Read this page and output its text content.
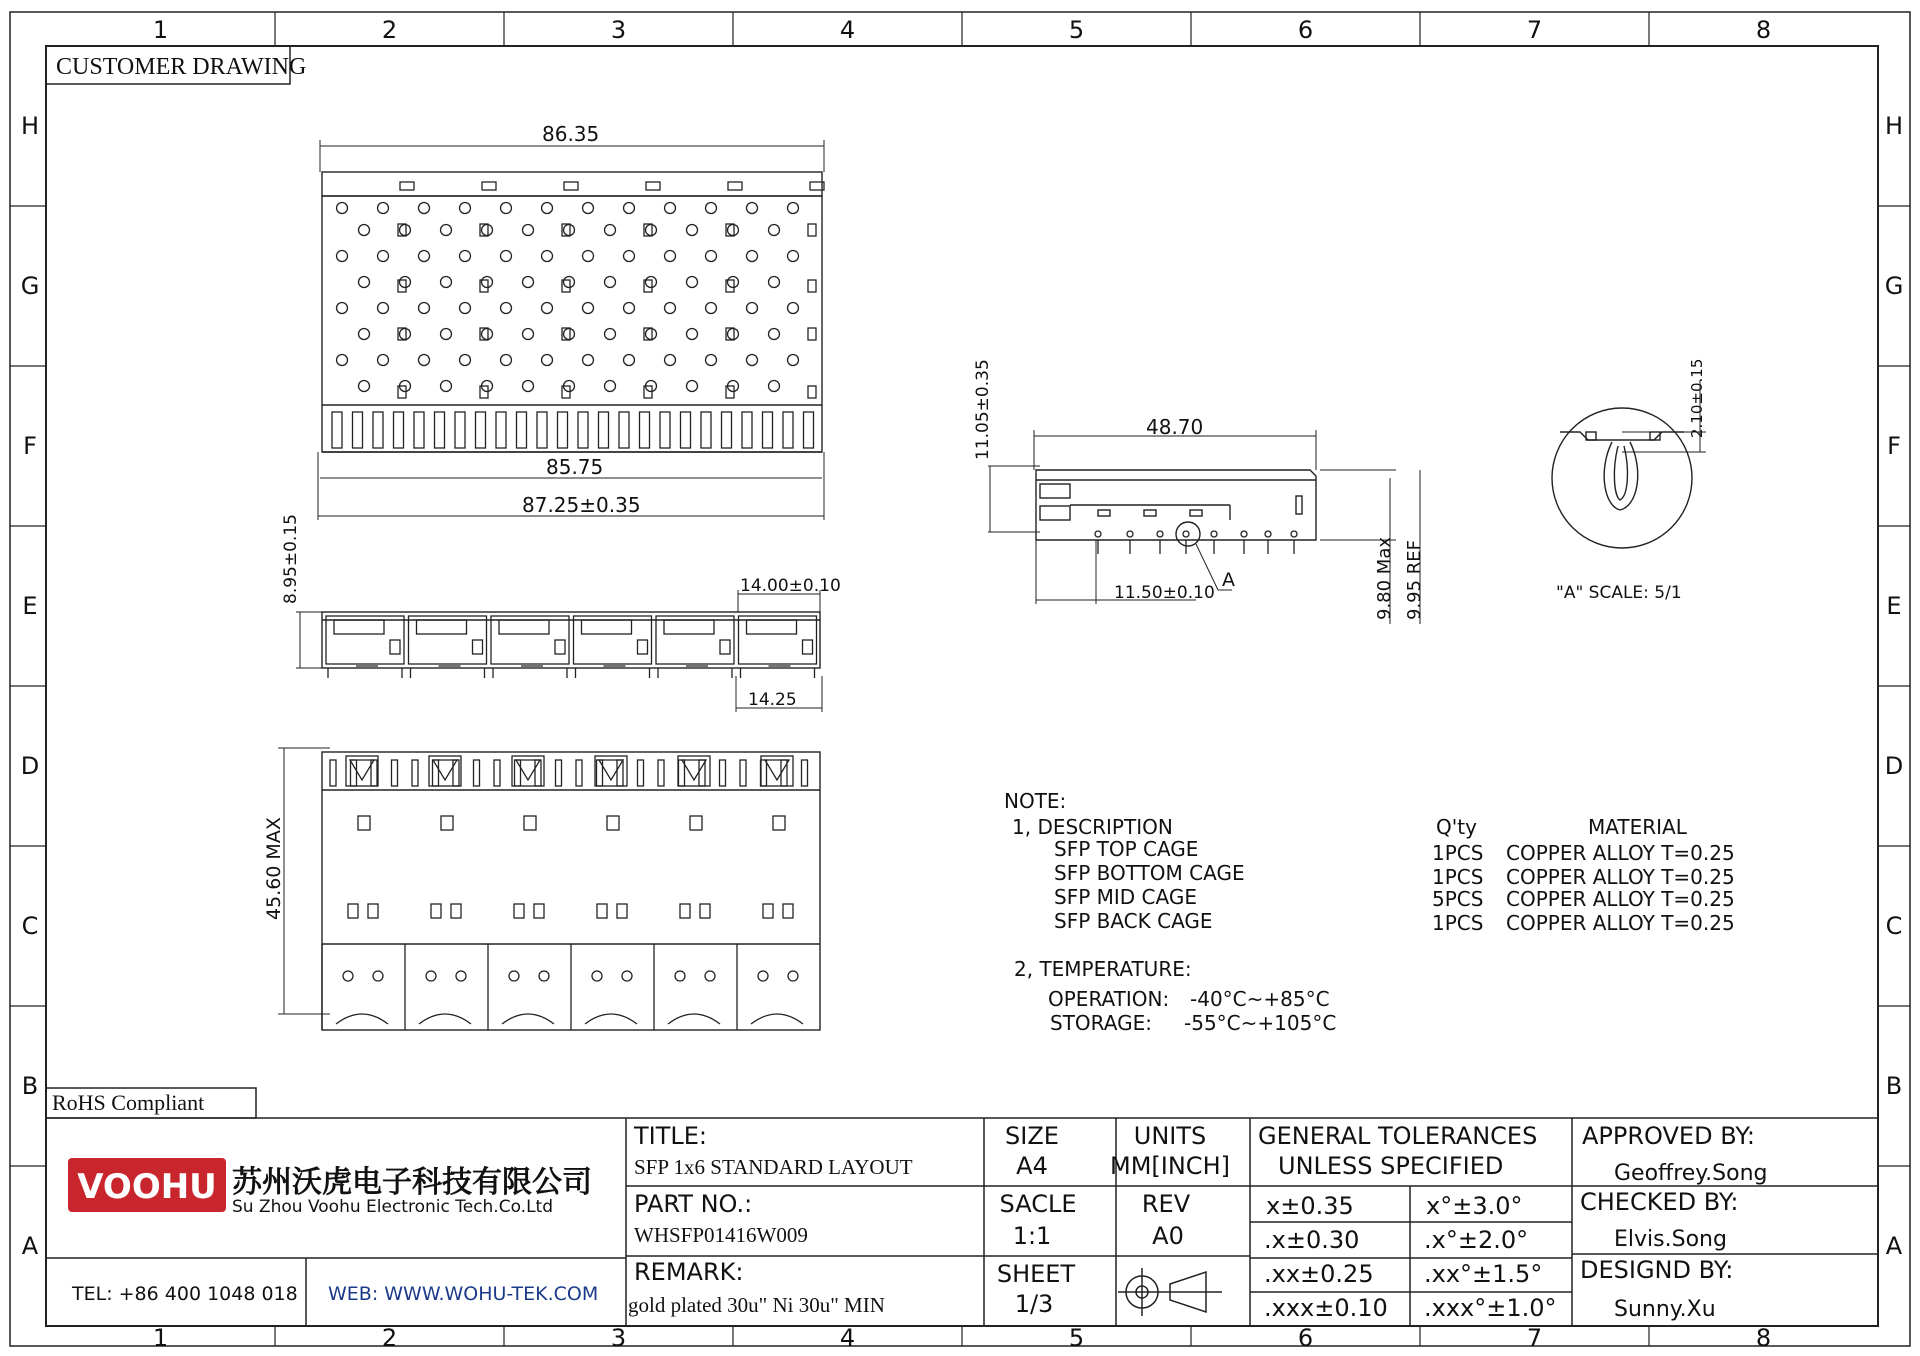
1	2	3	4	5	6	7	8
1	2	3	4	5	6	7	8
H
G
F
E
D
C
B
A
H
G
F
E
D
C
B
A
CUSTOMER DRAWING
86.35
85.75
87.25±0.35
8.95±0.15	14.00±0.10
14.25
45.60 MAX
11.05±0.35	48.70
11.50±0.10
A	9.80 Max 9.95 REF
2.10±0.15
"A" SCALE: 5/1
NOTE:
1, DESCRIPTION	Q'ty	MATERIAL
SFP TOP CAGE	1PCS COPPER ALLOY T=0.25
SFP BOTTOM CAGE	1PCS COPPER ALLOY T=0.25
SFP MID CAGE	5PCS COPPER ALLOY T=0.25
SFP BACK CAGE	1PCS COPPER ALLOY T=0.25
2, TEMPERATURE:
OPERATION: -40°C~+85°C
STORAGE: -55°C~+105°C
RoHS Compliant
VOOHU 苏州沃虎电子科技有限公司
Su Zhou Voohu Electronic Tech.Co.Ltd
TEL: +86 400 1048 018 WEB: WWW.WOHU-TEK.COM
TITLE:
SFP 1x6 STANDARD LAYOUT
PART NO.:
WHSFP01416W009
REMARK:
gold plated 30u" Ni 30u" MIN
SIZE
A4
UNITS
MM[INCH]
SACLE
1:1
REV
A0
SHEET
1/3
GENERAL TOLERANCES
UNLESS SPECIFIED
x±0.35	x°±3.0°
.x±0.30	.x°±2.0°
.xx±0.25 .xx°±1.5°
.xxx±0.10 .xxx°±1.0°
APPROVED BY:
Geoffrey.Song
CHECKED BY:
Elvis.Song
DESIGND BY:
Sunny.Xu
